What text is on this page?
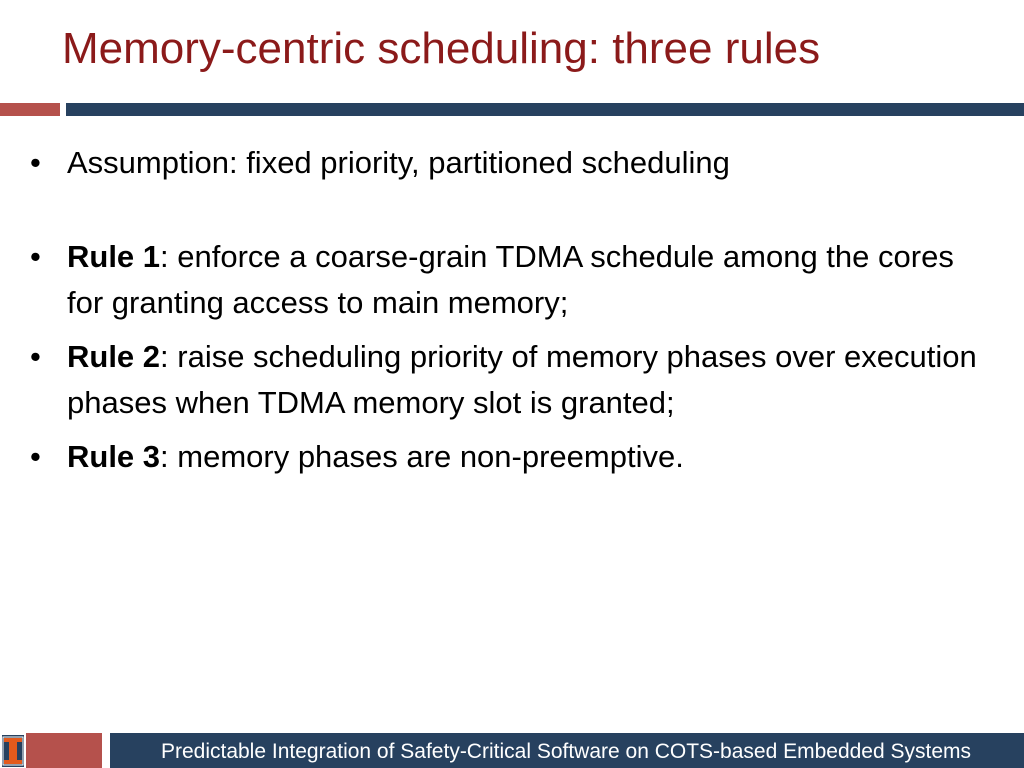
Memory-centric scheduling: three rules
• Assumption: fixed priority, partitioned scheduling
• Rule 1: enforce a coarse-grain TDMA schedule among the cores for granting access to main memory;
• Rule 2: raise scheduling priority of memory phases over execution phases when TDMA memory slot is granted;
• Rule 3: memory phases are non-preemptive.
Predictable Integration of Safety-Critical Software on COTS-based Embedded Systems
